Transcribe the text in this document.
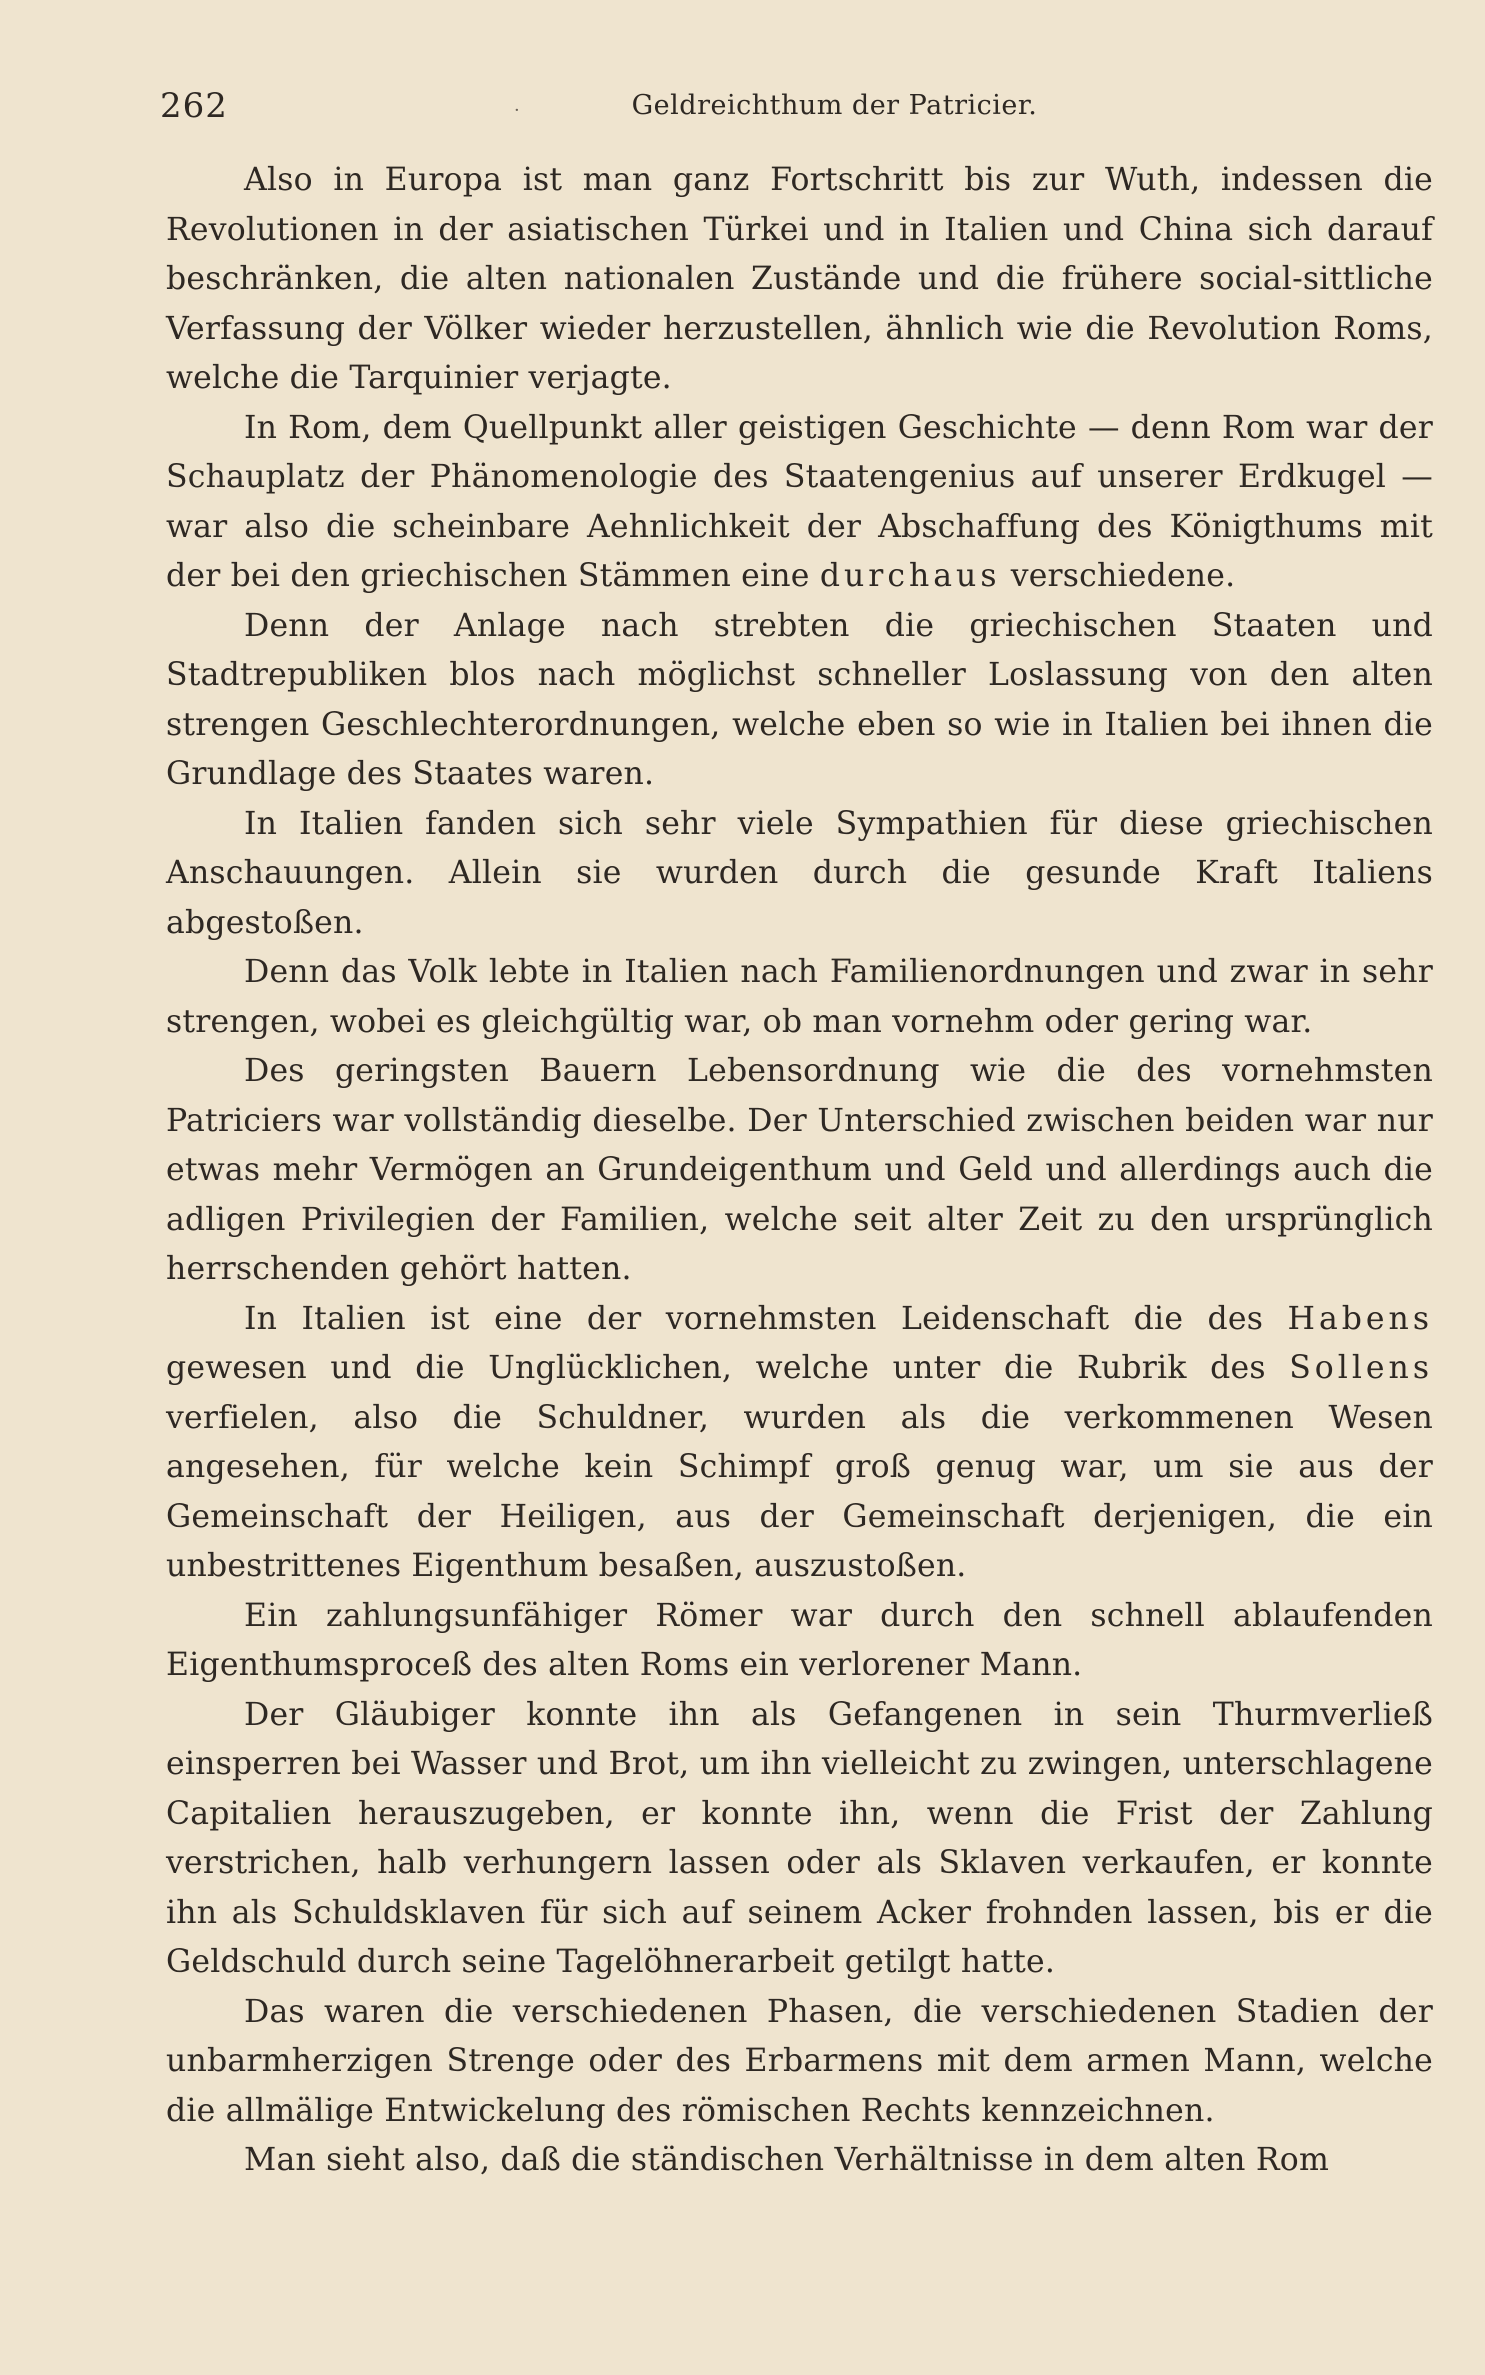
262	·	Geldreichthum der Patricier.

Also in Europa ist man ganz Fortschritt bis zur Wuth, indessen die Revolutionen in der asiatischen Türkei und in Italien und China sich darauf beschränken, die alten nationalen Zustände und die frühere social-sittliche Verfassung der Völker wieder herzustellen, ähnlich wie die Revolution Roms, welche die Tarquinier verjagte.

In Rom, dem Quellpunkt aller geistigen Geschichte — denn Rom war der Schauplatz der Phänomenologie des Staatengenius auf unserer Erdkugel — war also die scheinbare Aehnlichkeit der Abschaffung des Königthums mit der bei den griechischen Stämmen eine durchaus verschiedene.

Denn der Anlage nach strebten die griechischen Staaten und Stadtrepubliken blos nach möglichst schneller Loslassung von den alten strengen Geschlechterordnungen, welche eben so wie in Italien bei ihnen die Grundlage des Staates waren.

In Italien fanden sich sehr viele Sympathien für diese griechischen Anschauungen. Allein sie wurden durch die gesunde Kraft Italiens abgestoßen.

Denn das Volk lebte in Italien nach Familienordnungen und zwar in sehr strengen, wobei es gleichgültig war, ob man vornehm oder gering war.

Des geringsten Bauern Lebensordnung wie die des vornehmsten Patriciers war vollständig dieselbe. Der Unterschied zwischen beiden war nur etwas mehr Vermögen an Grundeigenthum und Geld und allerdings auch die adligen Privilegien der Familien, welche seit alter Zeit zu den ursprünglich herrschenden gehört hatten.

In Italien ist eine der vornehmsten Leidenschaft die des Habens gewesen und die Unglücklichen, welche unter die Rubrik des Sollens verfielen, also die Schuldner, wurden als die verkommenen Wesen angesehen, für welche kein Schimpf groß genug war, um sie aus der Gemeinschaft der Heiligen, aus der Gemeinschaft derjenigen, die ein unbestrittenes Eigenthum besaßen, auszustoßen.

Ein zahlungsunfähiger Römer war durch den schnell ablaufenden Eigenthumsproceß des alten Roms ein verlorener Mann.

Der Gläubiger konnte ihn als Gefangenen in sein Thurmverließ einsperren bei Wasser und Brot, um ihn vielleicht zu zwingen, unterschlagene Capitalien herauszugeben, er konnte ihn, wenn die Frist der Zahlung verstrichen, halb verhungern lassen oder als Sklaven verkaufen, er konnte ihn als Schuldsklaven für sich auf seinem Acker frohnden lassen, bis er die Geldschuld durch seine Tagelöhnerarbeit getilgt hatte.

Das waren die verschiedenen Phasen, die verschiedenen Stadien der unbarmherzigen Strenge oder des Erbarmens mit dem armen Mann, welche die allmälige Entwickelung des römischen Rechts kennzeichnen.

Man sieht also, daß die ständischen Verhältnisse in dem alten Rom
